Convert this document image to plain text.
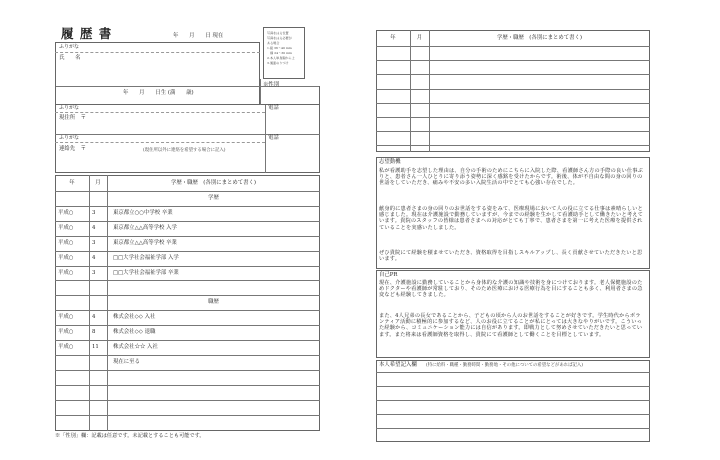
履 歴 書	年　　月　　日 現在	写真をはる位置
写真をはる必要が
ある場合
1.縦 36〜40 mm
　横 24〜30 mm
2.本人単身胸から上
3.裏面のりづけ
ふりがな
氏　　名
年　　月　　日生 (満　　歳)
※性別
ふりがな
現住所　〒
電話
ふりがな
連絡先　〒	(現住所以外に連絡を希望する場合に記入)
電話
年	月	学歴・職歴　(各別にまとめて書く)
学歴
平成○	3	東京都立○○中学校 卒業
平成○	4	東京都立△△高等学校 入学
平成○	3	東京都立△△高等学校 卒業
平成○	4	□□大学社会福祉学部 入学
平成○	3	□□大学社会福祉学部 卒業
職歴
平成○	4	株式会社◇◇ 入社
平成○	8	株式会社◇◇ 退職
平成○	11	株式会社☆☆ 入社
現在に至る
※「性別」欄：記載は任意です。未記載とすることも可能です。
年	月	学歴・職歴　(各別にまとめて書く)
志望動機
私が看護助手を志望した理由は、自分の手術のためにこちらに入院した際、看護師さん方の手際の良い仕事ぶりと、患者さん一人ひとりに寄り添う姿勢に深く感銘を受けたからです。術後、体が不自由な間の身の回りの世話をしていただき、痛みや不安の多い入院生活の中でとても心強い存在でした。
献身的に患者さまの身の回りのお世話をする姿をみて、医療現場において人の役に立てる仕事は素晴らしいと感じました。現在は介護施設で勤務していますが、今までの経験を生かして看護助手として働きたいと考えています。貴院のスタッフの皆様は患者さまへの対応がとても丁寧で、患者さまを第一に考えた医療を提供されていることを実感いたしました。
ぜひ貴院にて経験を積ませていただき、資格取得を目指しスキルアップし、長く貢献させていただきたいと思います。
自己PR
現在、介護施設に勤務していることから身体的な介護の知識や技術を身につけております。老人保健施設のためドクターや看護師が常駐しており、そのため医療における医療行為を目にすることも多く、利用者さまの急変なども経験してきました。
また、4人兄弟の長女であることから、子どもの頃から人のお世話をすることが好きです。学生時代からボランティア活動に積極的に参加するなど、人のお役に立てることが私にとっては大きなやりがいです。こういった経験から、コミュニケーション能力には自信があります。即戦力として努めさせていただきたいと思っています。また将来は看護師資格を取得し、貴院にて看護師として働くことを目標としています。
本人希望記入欄 (特に給料・職種・勤務時間・勤務地・その他についての希望などがあれば記入)
